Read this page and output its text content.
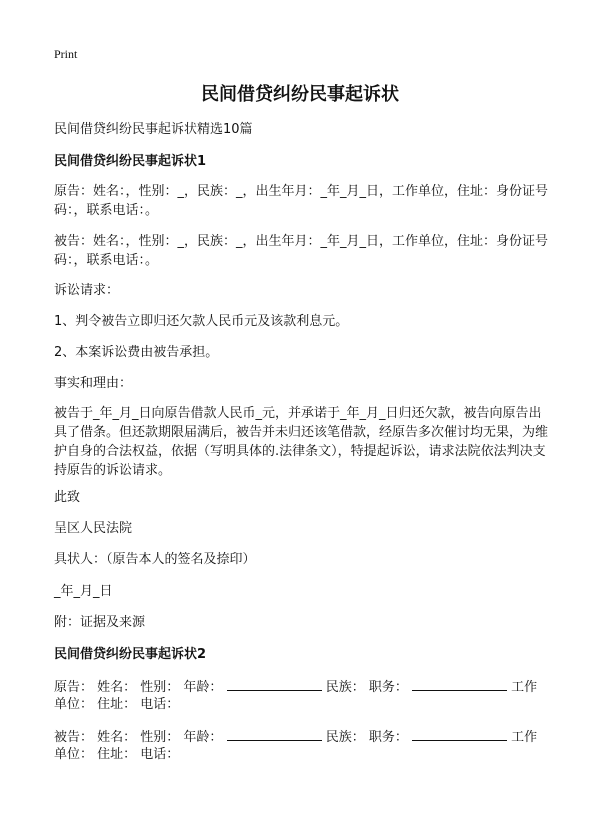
Print
民间借贷纠纷民事起诉状

民间借贷纠纷民事起诉状精选10篇

民间借贷纠纷民事起诉状1

原告：姓名：，性别：_，民族：_，出生年月：_年_月_日，工作单位，住址：身份证号码：，联系电话：。

被告：姓名：，性别：_，民族：_，出生年月：_年_月_日，工作单位，住址：身份证号码：，联系电话：。

诉讼请求：

1、判令被告立即归还欠款人民币元及该款利息元。

2、本案诉讼费由被告承担。

事实和理由：

被告于_年_月_日向原告借款人民币_元，并承诺于_年_月_日归还欠款，被告向原告出具了借条。但还款期限届满后，被告并未归还该笔借款，经原告多次催讨均无果，为维护自身的合法权益，依据（写明具体的.法律条文），特提起诉讼，请求法院依法判决支持原告的诉讼请求。

此致

呈区人民法院

具状人：（原告本人的签名及捺印）

_年_月_日

附：证据及来源

民间借贷纠纷民事起诉状2

原告： 姓名： 性别： 年龄：	民族： 职务：	工作
单位： 住址： 电话：
被告： 姓名： 性别： 年龄：	民族： 职务：	工作
单位： 住址： 电话：
